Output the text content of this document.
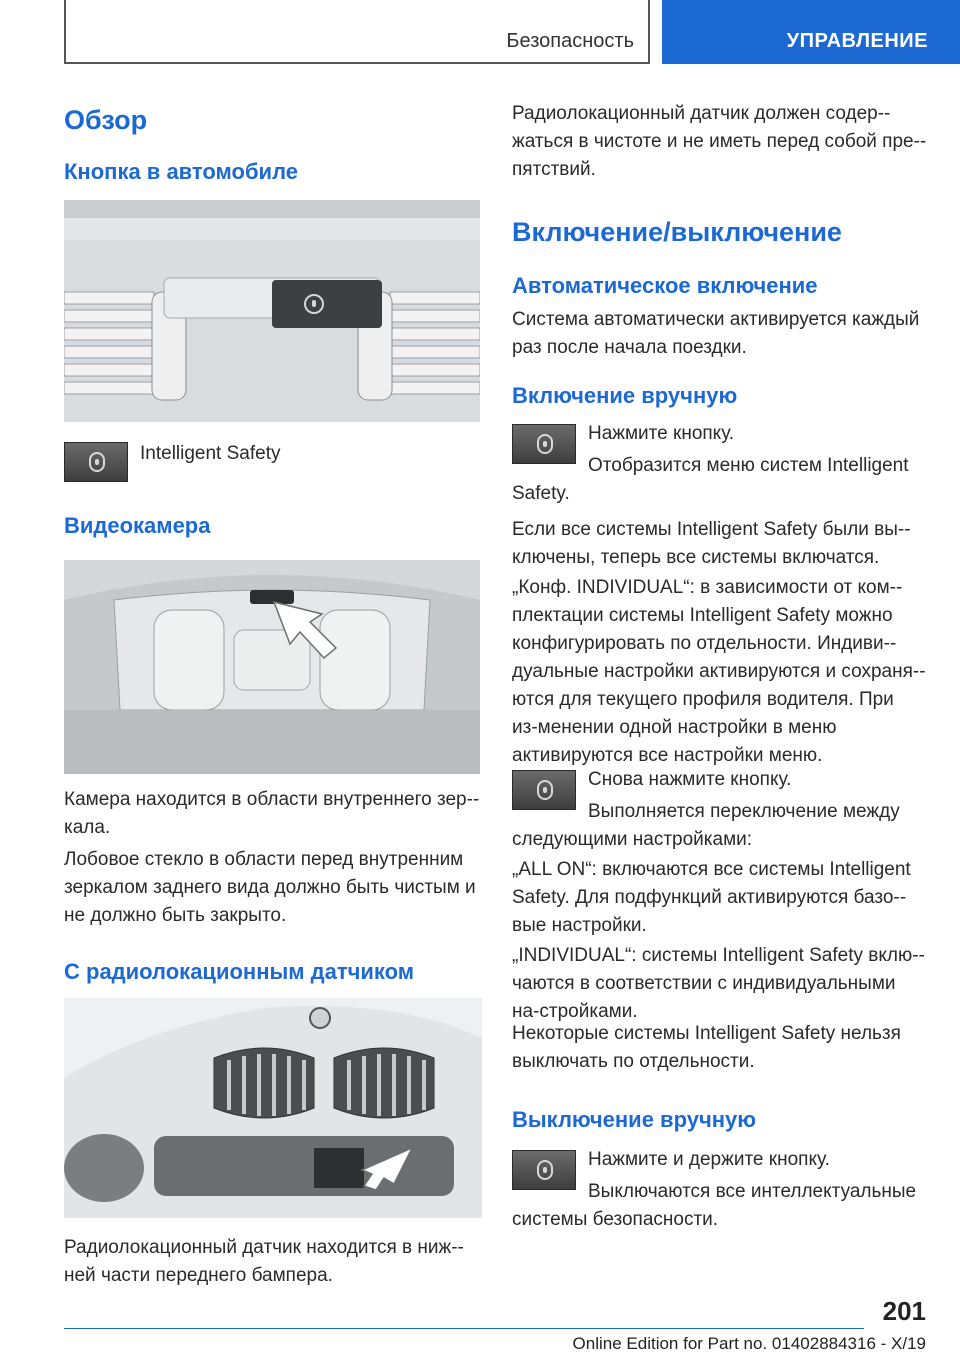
Безопасность	УПРАВЛЕНИЕ
Обзор
Кнопка в автомобиле

Intelligent Safety

Видеокамера

Камера находится в области внутреннего зер-кала.

Лобовое стекло в области перед внутренним зеркалом заднего вида должно быть чистым и не должно быть закрыто.

С радиолокационным датчиком

Радиолокационный датчик находится в ниж-ней части переднего бампера.

Радиолокационный датчик должен содер-жаться в чистоте и не иметь перед собой пре-пятствий.

Включение/выключение
Автоматическое включение

Система автоматически активируется каждый раз после начала поездки.

Включение вручную

Нажмите кнопку.

Отобразится меню систем Intelligent Safety.

Если все системы Intelligent Safety были вы-ключены, теперь все системы включатся.

„Конф. INDIVIDUAL“: в зависимости от ком-плектации системы Intelligent Safety можно конфигурировать по отдельности. Индиви-дуальные настройки активируются и сохраня-ются для текущего профиля водителя. При из-менении одной настройки в меню активируются все настройки меню.

Снова нажмите кнопку.

Выполняется переключение между следующими настройками:

„ALL ON“: включаются все системы Intelligent Safety. Для подфункций активируются базо-вые настройки.

„INDIVIDUAL“: системы Intelligent Safety вклю-чаются в соответствии с индивидуальными на-стройками.

Некоторые системы Intelligent Safety нельзя выключать по отдельности.

Выключение вручную

Нажмите и держите кнопку.

Выключаются все интеллектуальные системы безопасности.

201
Online Edition for Part no. 01402884316 - X/19
